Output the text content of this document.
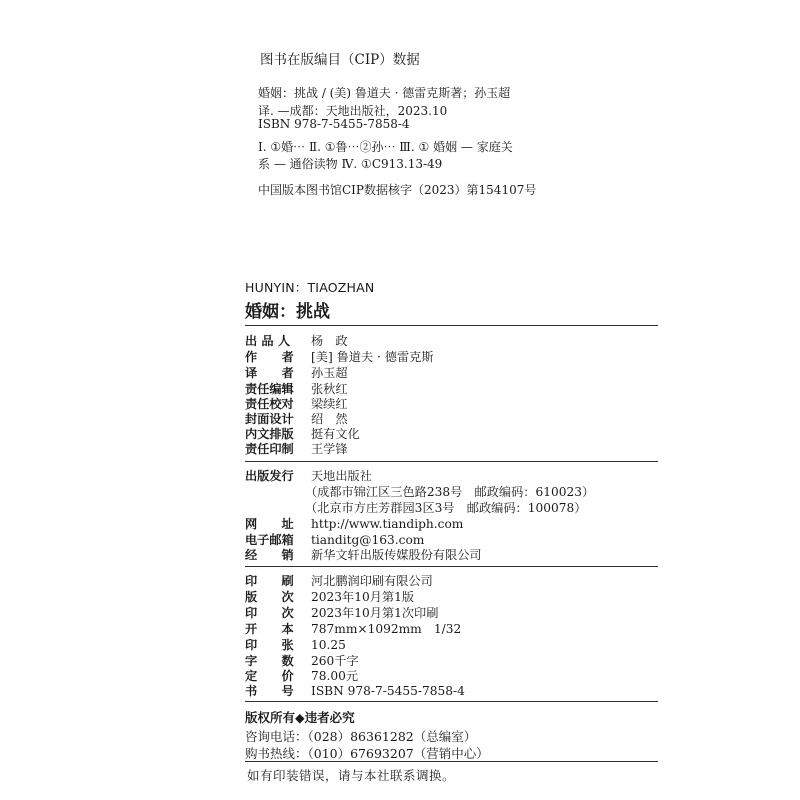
图书在版编目（CIP）数据
婚姻：挑战 / (美) 鲁道夫 · 德雷克斯著；孙玉超
译. —成都：天地出版社，2023.10
ISBN 978-7-5455-7858-4
Ⅰ. ①婚⋯ Ⅱ. ①鲁⋯②孙⋯ Ⅲ. ① 婚姻 — 家庭关
系 — 通俗读物 Ⅳ. ①C913.13-49
中国版本图书馆CIP数据核字（2023）第154107号
HUNYIN：TIAOZHAN
婚姻：挑战
出 品 人	杨　政
作　　者	[美] 鲁道夫 · 德雷克斯
译　　者	孙玉超
责任编辑	张秋红
责任校对	梁续红
封面设计	绍　然
内文排版	挺有文化
责任印制	王学锋
出版发行	天地出版社
（成都市锦江区三色路238号　邮政编码：610023）
（北京市方庄芳群园3区3号　邮政编码：100078）
网　　址	http://www.tiandiph.com
电子邮箱	tianditg@163.com
经　　销	新华文轩出版传媒股份有限公司
印　　刷	河北鹏润印刷有限公司
版　　次	2023年10月第1版
印　　次	2023年10月第1次印刷
开　　本	787mm×1092mm　1/32
印　　张	10.25
字　　数	260千字
定　　价	78.00元
书　　号	ISBN 978-7-5455-7858-4
版权所有◆违者必究
咨询电话：（028）86361282（总编室）
购书热线：（010）67693207（营销中心）
如有印装错误，请与本社联系调换。
